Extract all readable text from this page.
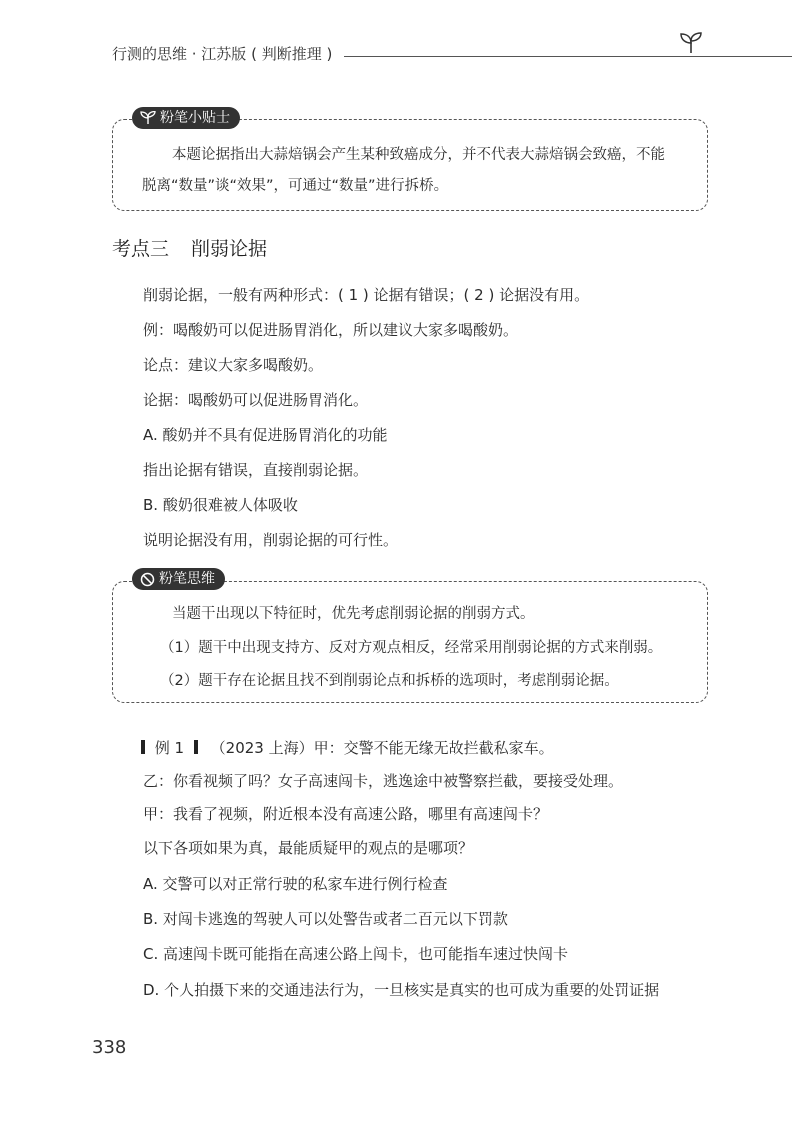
行测的思维 · 江苏版 ( 判断推理 )
粉笔小贴士
本题论据指出大蒜焙锅会产生某种致癌成分，并不代表大蒜焙锅会致癌，不能
脱离“数量”谈“效果”，可通过“数量”进行拆桥。
考点三 削弱论据
削弱论据，一般有两种形式：( 1 ) 论据有错误；( 2 ) 论据没有用。
例：喝酸奶可以促进肠胃消化，所以建议大家多喝酸奶。
论点：建议大家多喝酸奶。
论据：喝酸奶可以促进肠胃消化。
A. 酸奶并不具有促进肠胃消化的功能
指出论据有错误，直接削弱论据。
B. 酸奶很难被人体吸收
说明论据没有用，削弱论据的可行性。
粉笔思维
当题干出现以下特征时，优先考虑削弱论据的削弱方式。
（1）题干中出现支持方、反对方观点相反，经常采用削弱论据的方式来削弱。
（2）题干存在论据且找不到削弱论点和拆桥的选项时，考虑削弱论据。
例 1 （2023 上海）甲：交警不能无缘无故拦截私家车。
乙：你看视频了吗？女子高速闯卡，逃逸途中被警察拦截，要接受处理。
甲：我看了视频，附近根本没有高速公路，哪里有高速闯卡？
以下各项如果为真，最能质疑甲的观点的是哪项？
A. 交警可以对正常行驶的私家车进行例行检查
B. 对闯卡逃逸的驾驶人可以处警告或者二百元以下罚款
C. 高速闯卡既可能指在高速公路上闯卡，也可能指车速过快闯卡
D. 个人拍摄下来的交通违法行为，一旦核实是真实的也可成为重要的处罚证据
338
